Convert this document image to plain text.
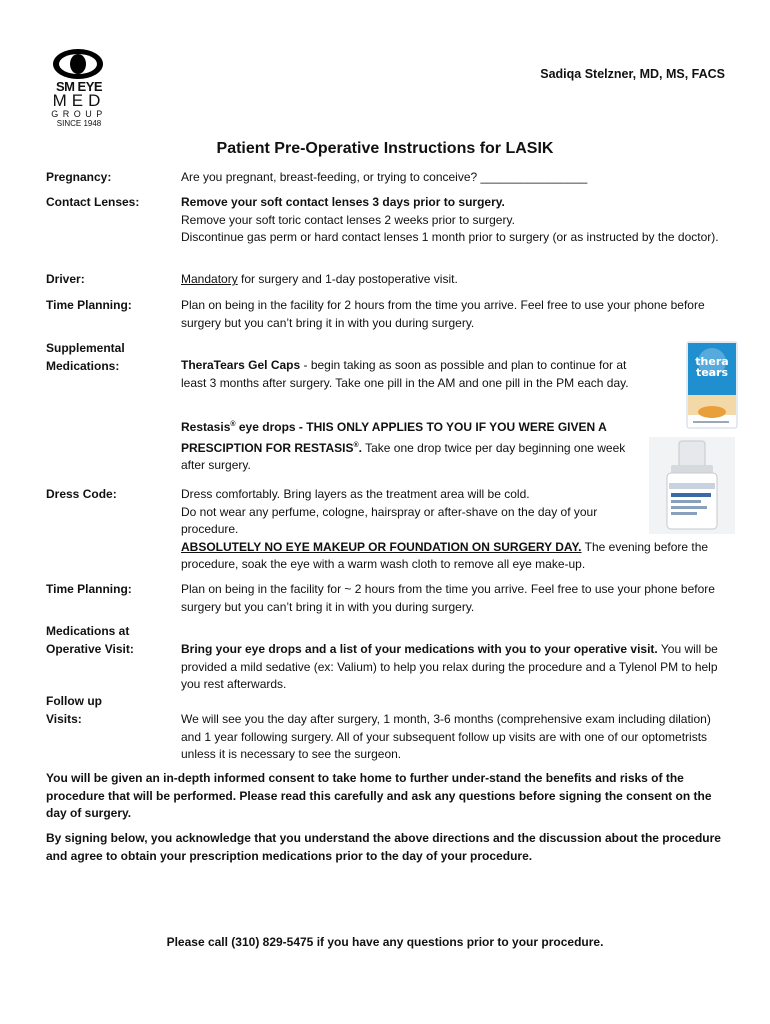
SM EYE
MED
GROUP
SINCE 1948
Sadiqa Stelzner, MD, MS, FACS
Patient Pre-Operative Instructions for LASIK
Pregnancy:	Are you pregnant, breast-feeding, or trying to conceive? ________________
Contact Lenses:	Remove your soft contact lenses 3 days prior to surgery.
Remove your soft toric contact lenses 2 weeks prior to surgery.
Discontinue gas perm or hard contact lenses 1 month prior to surgery (or as instructed by the doctor).
Driver:	Mandatory for surgery and 1-day postoperative visit.
Time Planning:	Plan on being in the facility for 2 hours from the time you arrive. Feel free to use your phone before surgery but you can’t bring it in with you during surgery.
Supplemental Medications:	TheraTears Gel Caps - begin taking as soon as possible and plan to continue for at least 3 months after surgery. Take one pill in the AM and one pill in the PM each day.
Restasis® eye drops - THIS ONLY APPLIES TO YOU IF YOU WERE GIVEN A PRESCIPTION FOR RESTASIS®. Take one drop twice per day beginning one week after surgery.
thera
tears
Dress Code:	Dress comfortably. Bring layers as the treatment area will be cold.
Do not wear any perfume, cologne, hairspray or after-shave on the day of your procedure.
ABSOLUTELY NO EYE MAKEUP OR FOUNDATION ON SURGERY DAY. The evening before the procedure, soak the eye with a warm wash cloth to remove all eye make-up.
Time Planning:	Plan on being in the facility for ~ 2 hours from the time you arrive. Feel free to use your phone before surgery but you can’t bring it in with you during surgery.
Medications at Operative Visit:	Bring your eye drops and a list of your medications with you to your operative visit. You will be provided a mild sedative (ex: Valium) to help you relax during the procedure and a Tylenol PM to help you rest afterwards.
Follow up Visits:	We will see you the day after surgery, 1 month, 3-6 months (comprehensive exam including dilation) and 1 year following surgery. All of your subsequent follow up visits are with one of our optometrists unless it is necessary to see the surgeon.
You will be given an in-depth informed consent to take home to further under-stand the benefits and risks of the procedure that will be performed. Please read this carefully and ask any questions before signing the consent on the day of surgery.
By signing below, you acknowledge that you understand the above directions and the discussion about the procedure and agree to obtain your prescription medications prior to the day of your procedure.
Please call (310) 829-5475 if you have any questions prior to your procedure.
